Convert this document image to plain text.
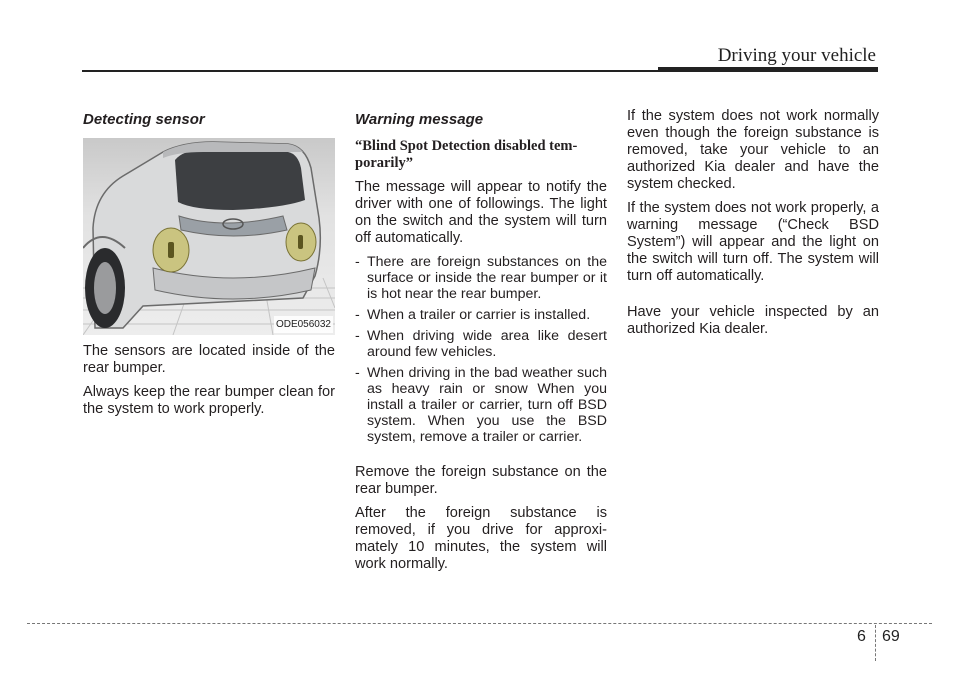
Driving your vehicle
Detecting sensor
ODE056032

The sensors are located inside of the rear bumper.

Always keep the rear bumper clean for the system to work properly.

Warning message
“Blind Spot Detection disabled tem-porarily”

The message will appear to notify the driver with one of followings. The light on the switch and the system will turn off automatically.

- There are foreign substances on the surface or inside the rear bumper or it is hot near the rear bumper.
- When a trailer or carrier is installed.
- When driving wide area like desert around few vehicles.
- When driving in the bad weather such as heavy rain or snow When you install a trailer or carrier, turn off BSD system. When you use the BSD system, remove a trailer or carrier.

Remove the foreign substance on the rear bumper.

After the foreign substance is removed, if you drive for approxi-mately 10 minutes, the system will work normally.

If the system does not work normally even though the foreign substance is removed, take your vehicle to an authorized Kia dealer and have the system checked.

If the system does not work properly, a warning message (“Check BSD System”) will appear and the light on the switch will turn off. The system will turn off automatically.

Have your vehicle inspected by an authorized Kia dealer.

6 69
